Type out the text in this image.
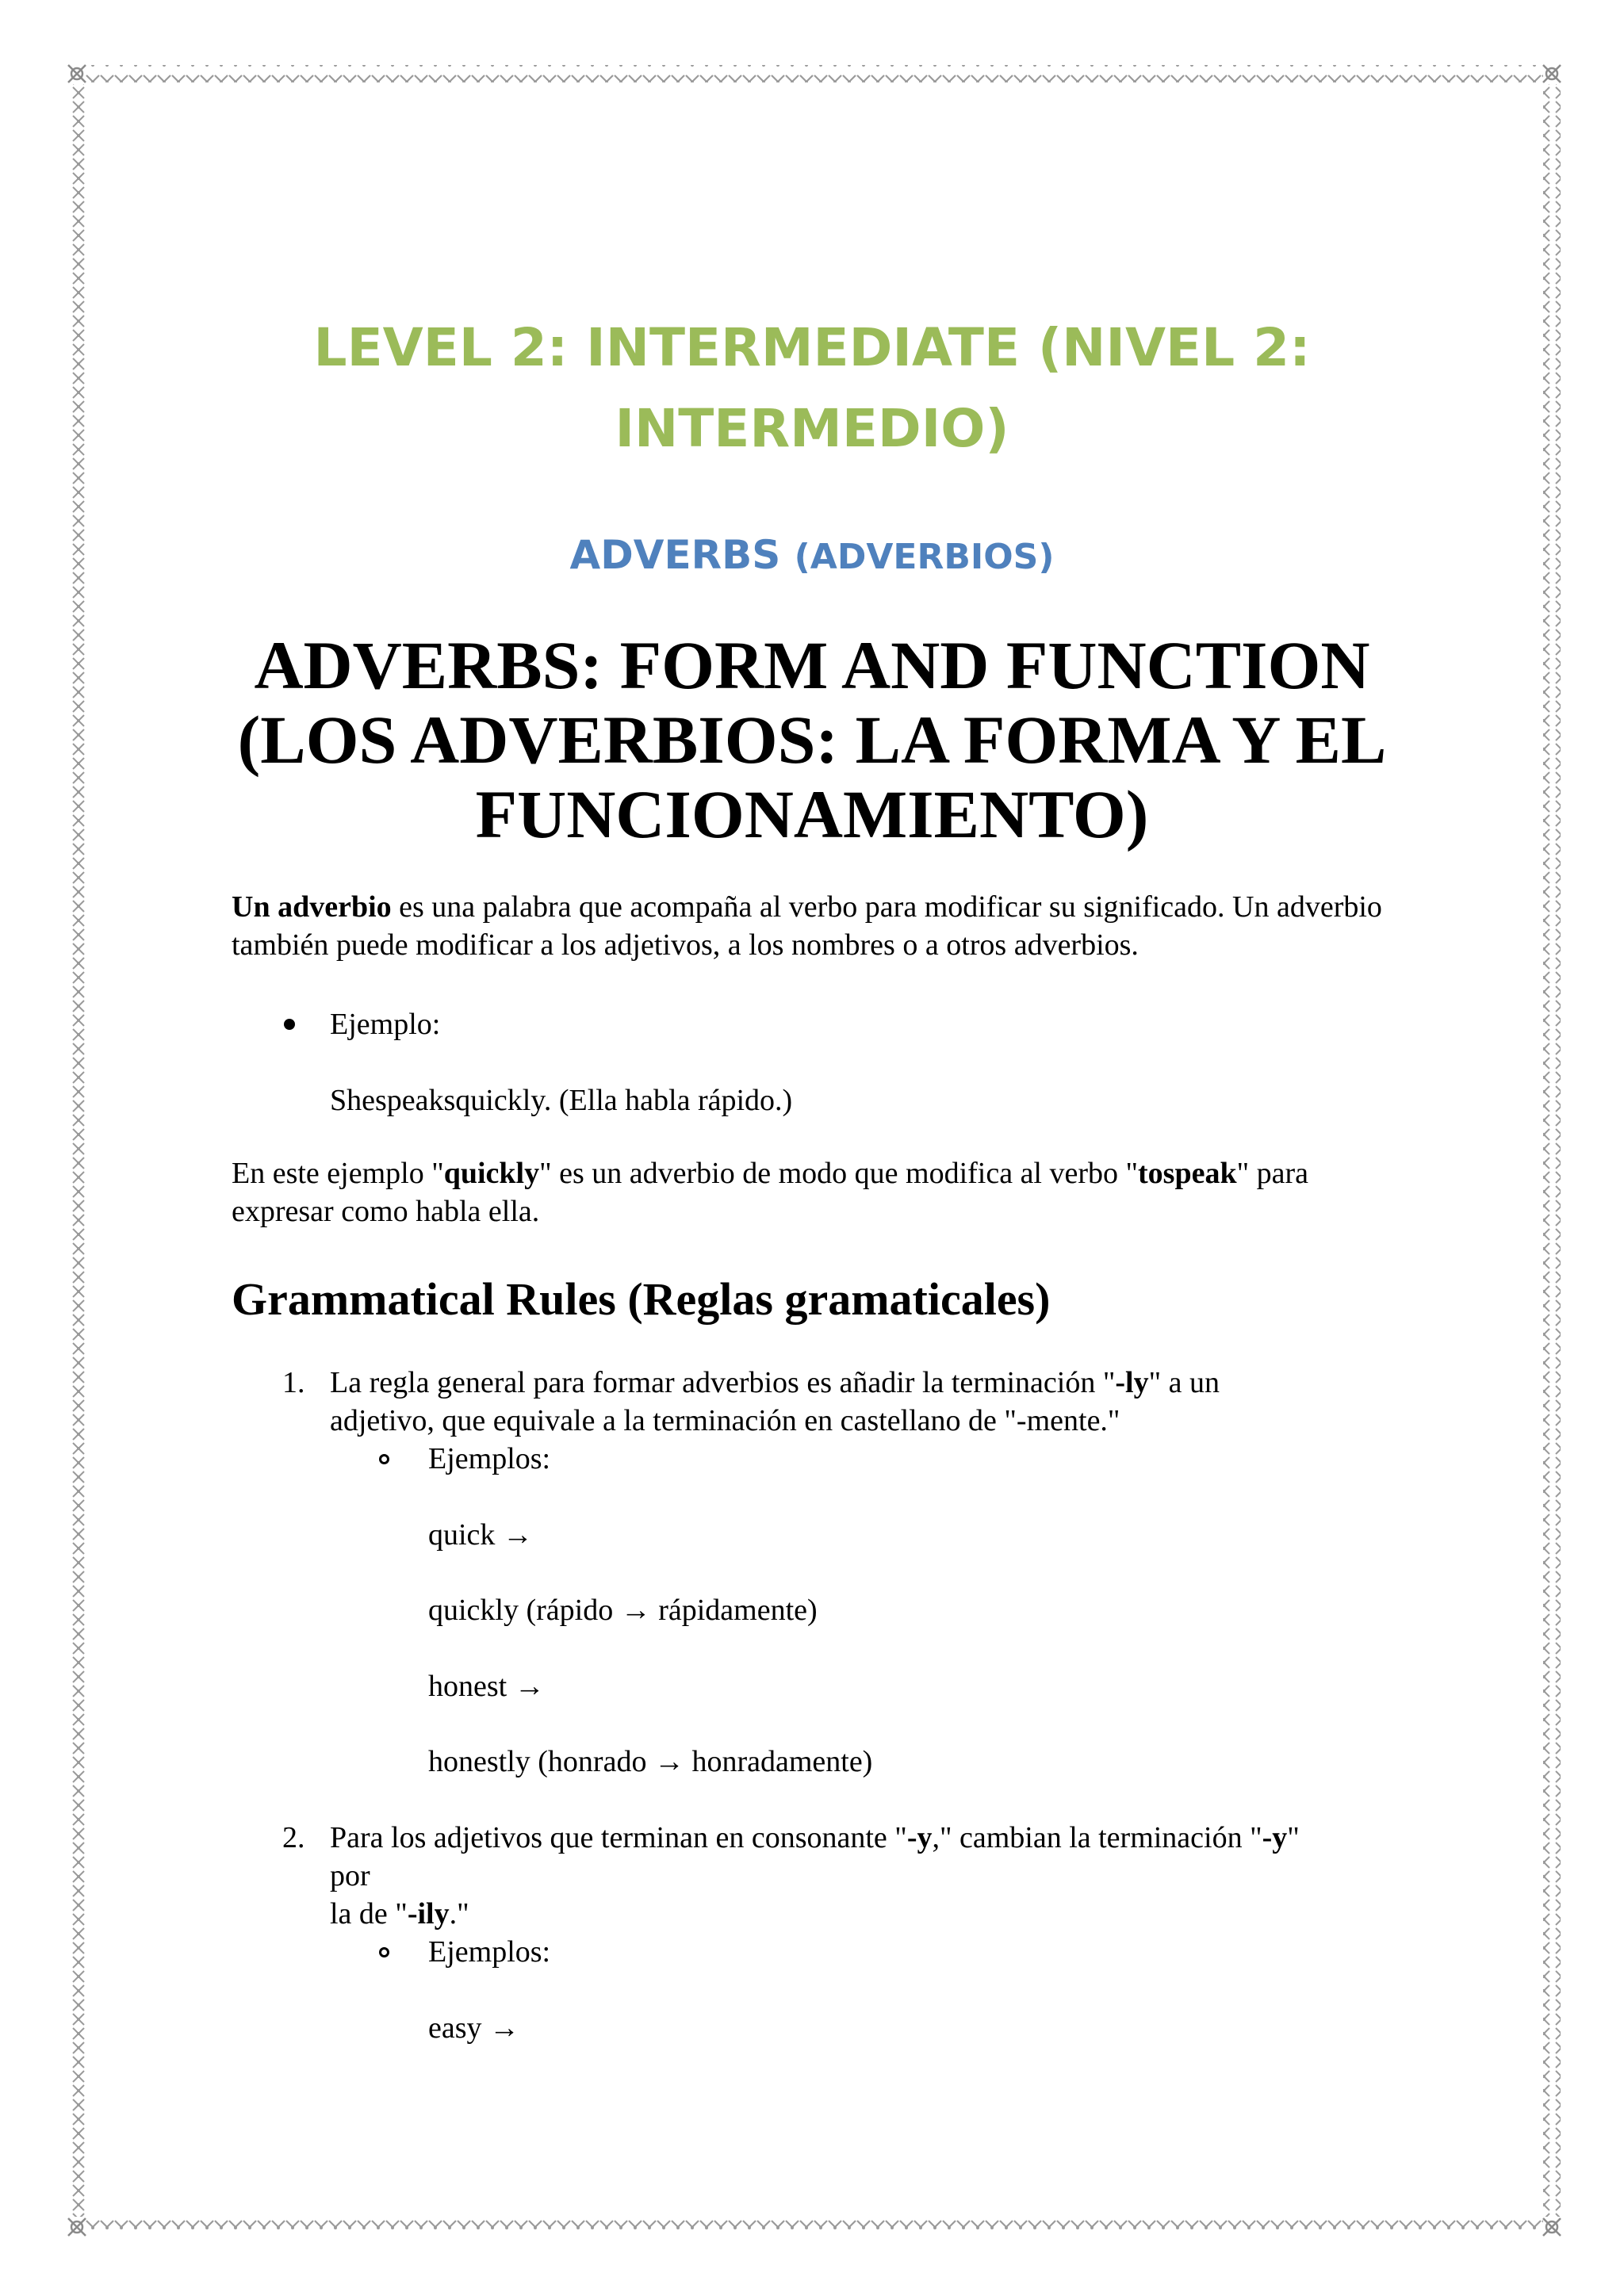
LEVEL 2: INTERMEDIATE (NIVEL 2: INTERMEDIO)
ADVERBS (ADVERBIOS)
ADVERBS: FORM AND FUNCTION (LOS ADVERBIOS: LA FORMA Y EL FUNCIONAMIENTO)

Un adverbio es una palabra que acompaña al verbo para modificar su significado. Un adverbio también puede modificar a los adjetivos, a los nombres o a otros adverbios.

Ejemplo:
Shespeaksquickly. (Ella habla rápido.)

En este ejemplo "quickly" es un adverbio de modo que modifica al verbo "tospeak" para expresar como habla ella.

Grammatical Rules (Reglas gramaticales)
1. La regla general para formar adverbios es añadir la terminación "-ly" a un
adjetivo, que equivale a la terminación en castellano de "-mente."
Ejemplos:
quick →
quickly (rápido → rápidamente)
honest →
honestly (honrado → honradamente)
2. Para los adjetivos que terminan en consonante "-y," cambian la terminación "-y"
por
la de "-ily."
Ejemplos:
easy →
